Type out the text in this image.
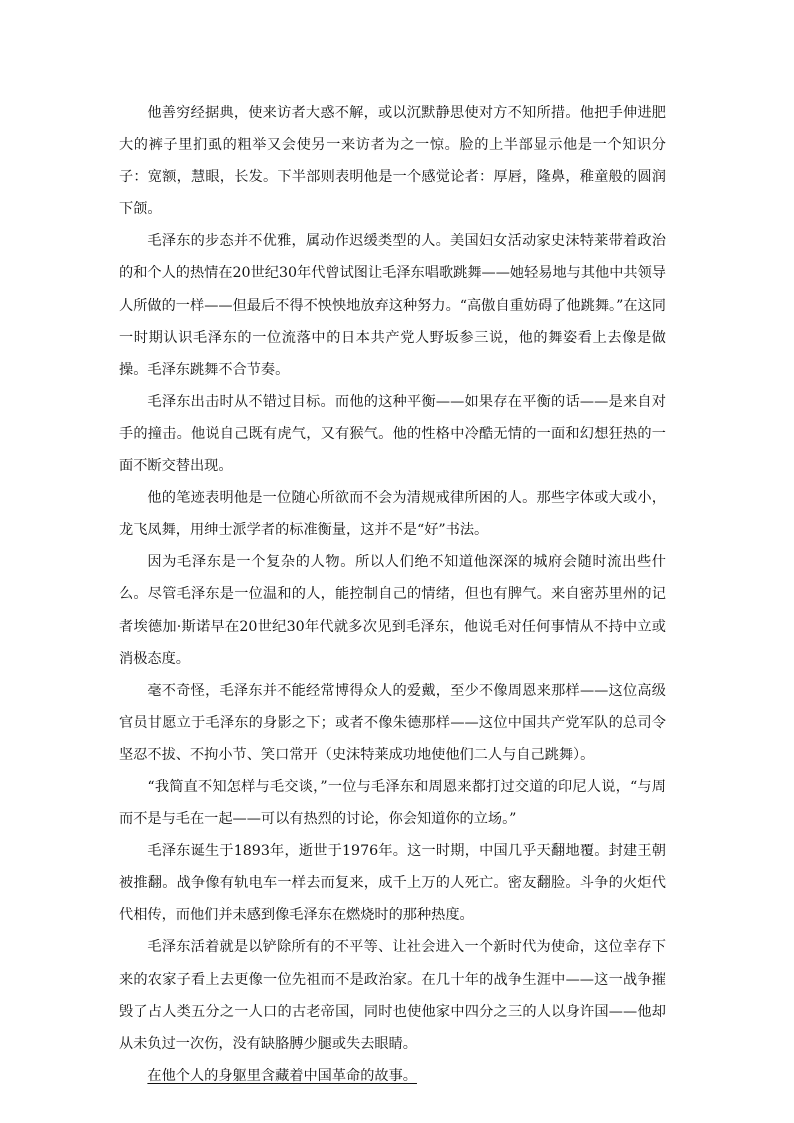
他善穷经据典，使来访者大惑不解，或以沉默静思使对方不知所措。他把手伸进肥大的裤子里扪虱的粗举又会使另一来访者为之一惊。脸的上半部显示他是一个知识分子：宽额，慧眼，长发。下半部则表明他是一个感觉论者：厚唇，隆鼻，稚童般的圆润下颌。

毛泽东的步态并不优雅，属动作迟缓类型的人。美国妇女活动家史沫特莱带着政治的和个人的热情在20世纪30年代曾试图让毛泽东唱歌跳舞——她轻易地与其他中共领导人所做的一样——但最后不得不怏怏地放弃这种努力。“高傲自重妨碍了他跳舞。”在这同一时期认识毛泽东的一位流落中的日本共产党人野坂参三说，他的舞姿看上去像是做操。毛泽东跳舞不合节奏。

毛泽东出击时从不错过目标。而他的这种平衡——如果存在平衡的话——是来自对手的撞击。他说自己既有虎气，又有猴气。他的性格中冷酷无情的一面和幻想狂热的一面不断交替出现。

他的笔迹表明他是一位随心所欲而不会为清规戒律所困的人。那些字体或大或小，龙飞凤舞，用绅士派学者的标准衡量，这并不是“好”书法。

因为毛泽东是一个复杂的人物。所以人们绝不知道他深深的城府会随时流出些什么。尽管毛泽东是一位温和的人，能控制自己的情绪，但也有脾气。来自密苏里州的记者埃德加·斯诺早在20世纪30年代就多次见到毛泽东，他说毛对任何事情从不持中立或消极态度。

毫不奇怪，毛泽东并不能经常博得众人的爱戴，至少不像周恩来那样——这位高级官员甘愿立于毛泽东的身影之下；或者不像朱德那样——这位中国共产党军队的总司令坚忍不拔、不拘小节、笑口常开（史沫特莱成功地使他们二人与自己跳舞）。

“我简直不知怎样与毛交谈，”一位与毛泽东和周恩来都打过交道的印尼人说，“与周而不是与毛在一起——可以有热烈的讨论，你会知道你的立场。”

毛泽东诞生于1893年，逝世于1976年。这一时期，中国几乎天翻地覆。封建王朝被推翻。战争像有轨电车一样去而复来，成千上万的人死亡。密友翻脸。斗争的火炬代代相传，而他们并未感到像毛泽东在燃烧时的那种热度。

毛泽东活着就是以铲除所有的不平等、让社会进入一个新时代为使命，这位幸存下来的农家子看上去更像一位先祖而不是政治家。在几十年的战争生涯中——这一战争摧毁了占人类五分之一人口的古老帝国，同时也使他家中四分之三的人以身许国——他却从未负过一次伤，没有缺胳膊少腿或失去眼睛。

在他个人的身躯里含藏着中国革命的故事。
